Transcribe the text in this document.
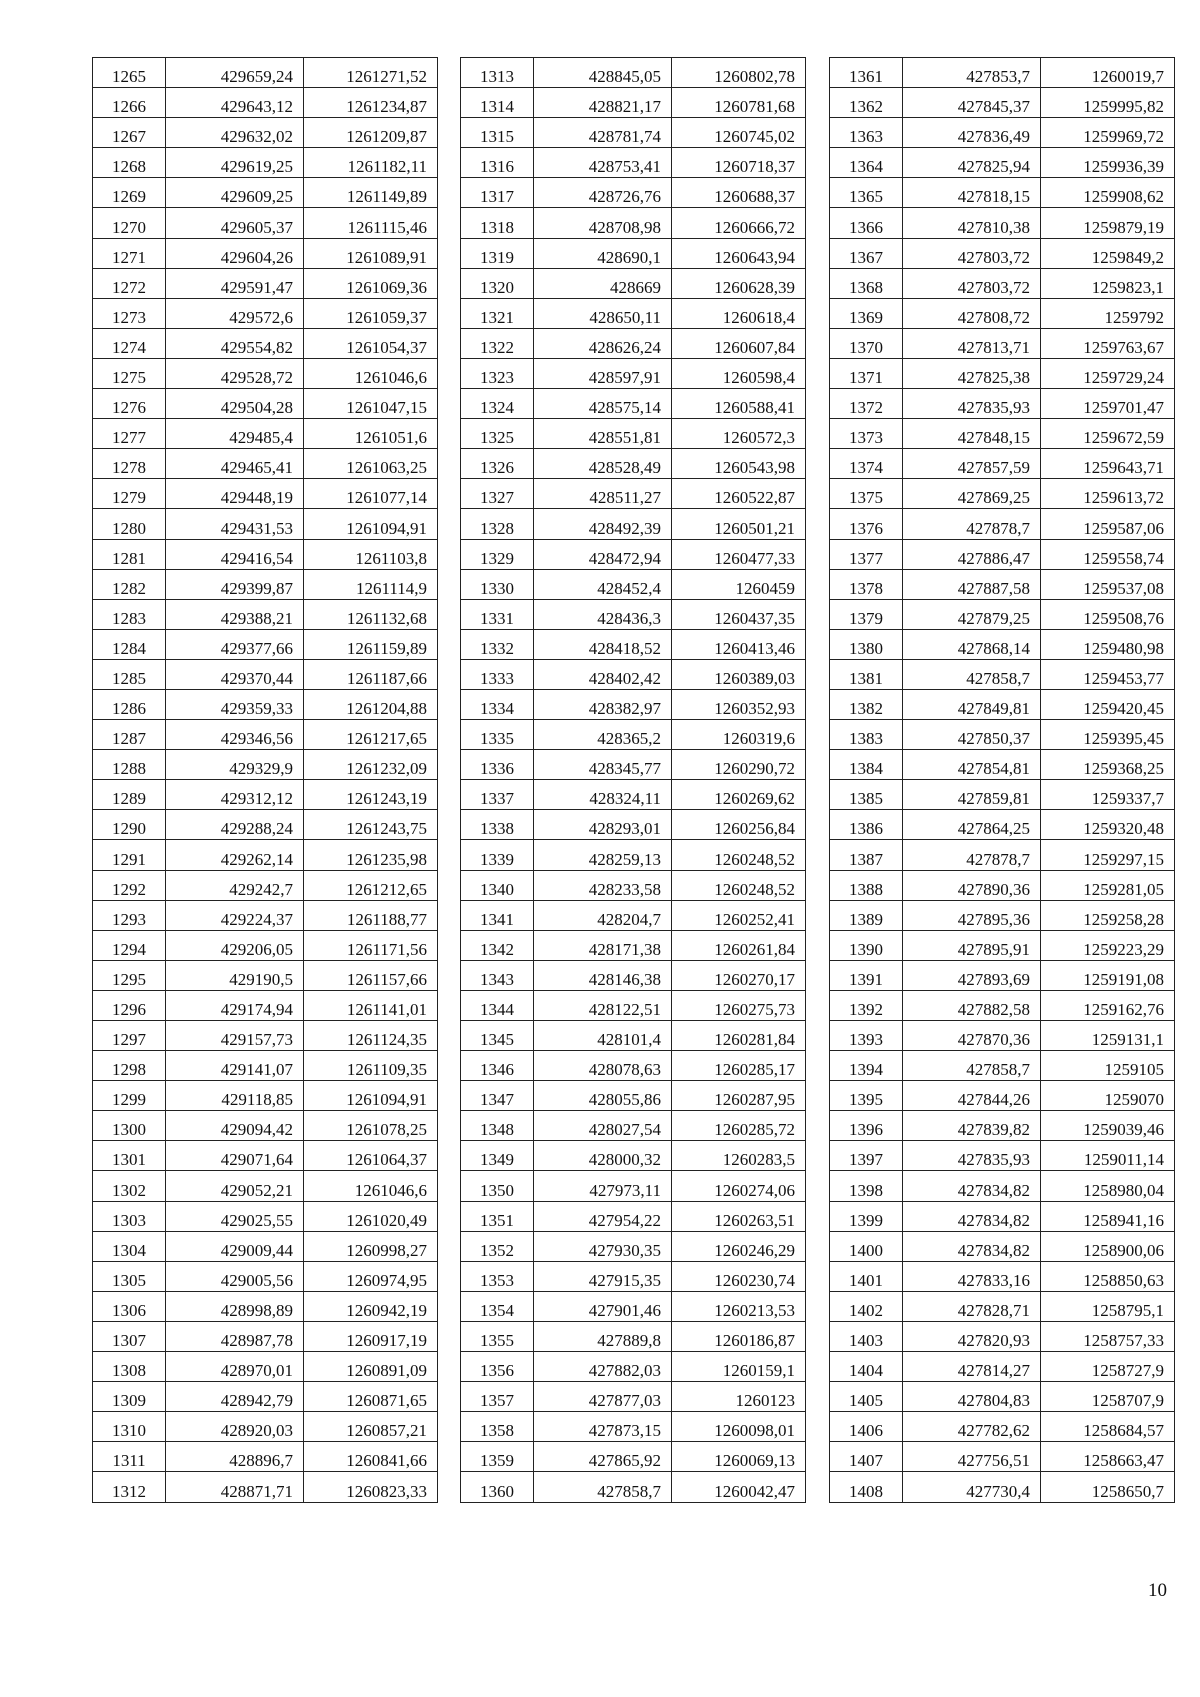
1265	429659,24	1261271,52
1266	429643,12	1261234,87
1267	429632,02	1261209,87
1268	429619,25	1261182,11
1269	429609,25	1261149,89
1270	429605,37	1261115,46
1271	429604,26	1261089,91
1272	429591,47	1261069,36
1273	429572,6	1261059,37
1274	429554,82	1261054,37
1275	429528,72	1261046,6
1276	429504,28	1261047,15
1277	429485,4	1261051,6
1278	429465,41	1261063,25
1279	429448,19	1261077,14
1280	429431,53	1261094,91
1281	429416,54	1261103,8
1282	429399,87	1261114,9
1283	429388,21	1261132,68
1284	429377,66	1261159,89
1285	429370,44	1261187,66
1286	429359,33	1261204,88
1287	429346,56	1261217,65
1288	429329,9	1261232,09
1289	429312,12	1261243,19
1290	429288,24	1261243,75
1291	429262,14	1261235,98
1292	429242,7	1261212,65
1293	429224,37	1261188,77
1294	429206,05	1261171,56
1295	429190,5	1261157,66
1296	429174,94	1261141,01
1297	429157,73	1261124,35
1298	429141,07	1261109,35
1299	429118,85	1261094,91
1300	429094,42	1261078,25
1301	429071,64	1261064,37
1302	429052,21	1261046,6
1303	429025,55	1261020,49
1304	429009,44	1260998,27
1305	429005,56	1260974,95
1306	428998,89	1260942,19
1307	428987,78	1260917,19
1308	428970,01	1260891,09
1309	428942,79	1260871,65
1310	428920,03	1260857,21
1311	428896,7	1260841,66
1312	428871,71	1260823,33
1313	428845,05	1260802,78
1314	428821,17	1260781,68
1315	428781,74	1260745,02
1316	428753,41	1260718,37
1317	428726,76	1260688,37
1318	428708,98	1260666,72
1319	428690,1	1260643,94
1320	428669	1260628,39
1321	428650,11	1260618,4
1322	428626,24	1260607,84
1323	428597,91	1260598,4
1324	428575,14	1260588,41
1325	428551,81	1260572,3
1326	428528,49	1260543,98
1327	428511,27	1260522,87
1328	428492,39	1260501,21
1329	428472,94	1260477,33
1330	428452,4	1260459
1331	428436,3	1260437,35
1332	428418,52	1260413,46
1333	428402,42	1260389,03
1334	428382,97	1260352,93
1335	428365,2	1260319,6
1336	428345,77	1260290,72
1337	428324,11	1260269,62
1338	428293,01	1260256,84
1339	428259,13	1260248,52
1340	428233,58	1260248,52
1341	428204,7	1260252,41
1342	428171,38	1260261,84
1343	428146,38	1260270,17
1344	428122,51	1260275,73
1345	428101,4	1260281,84
1346	428078,63	1260285,17
1347	428055,86	1260287,95
1348	428027,54	1260285,72
1349	428000,32	1260283,5
1350	427973,11	1260274,06
1351	427954,22	1260263,51
1352	427930,35	1260246,29
1353	427915,35	1260230,74
1354	427901,46	1260213,53
1355	427889,8	1260186,87
1356	427882,03	1260159,1
1357	427877,03	1260123
1358	427873,15	1260098,01
1359	427865,92	1260069,13
1360	427858,7	1260042,47
1361	427853,7	1260019,7
1362	427845,37	1259995,82
1363	427836,49	1259969,72
1364	427825,94	1259936,39
1365	427818,15	1259908,62
1366	427810,38	1259879,19
1367	427803,72	1259849,2
1368	427803,72	1259823,1
1369	427808,72	1259792
1370	427813,71	1259763,67
1371	427825,38	1259729,24
1372	427835,93	1259701,47
1373	427848,15	1259672,59
1374	427857,59	1259643,71
1375	427869,25	1259613,72
1376	427878,7	1259587,06
1377	427886,47	1259558,74
1378	427887,58	1259537,08
1379	427879,25	1259508,76
1380	427868,14	1259480,98
1381	427858,7	1259453,77
1382	427849,81	1259420,45
1383	427850,37	1259395,45
1384	427854,81	1259368,25
1385	427859,81	1259337,7
1386	427864,25	1259320,48
1387	427878,7	1259297,15
1388	427890,36	1259281,05
1389	427895,36	1259258,28
1390	427895,91	1259223,29
1391	427893,69	1259191,08
1392	427882,58	1259162,76
1393	427870,36	1259131,1
1394	427858,7	1259105
1395	427844,26	1259070
1396	427839,82	1259039,46
1397	427835,93	1259011,14
1398	427834,82	1258980,04
1399	427834,82	1258941,16
1400	427834,82	1258900,06
1401	427833,16	1258850,63
1402	427828,71	1258795,1
1403	427820,93	1258757,33
1404	427814,27	1258727,9
1405	427804,83	1258707,9
1406	427782,62	1258684,57
1407	427756,51	1258663,47
1408	427730,4	1258650,7
10
